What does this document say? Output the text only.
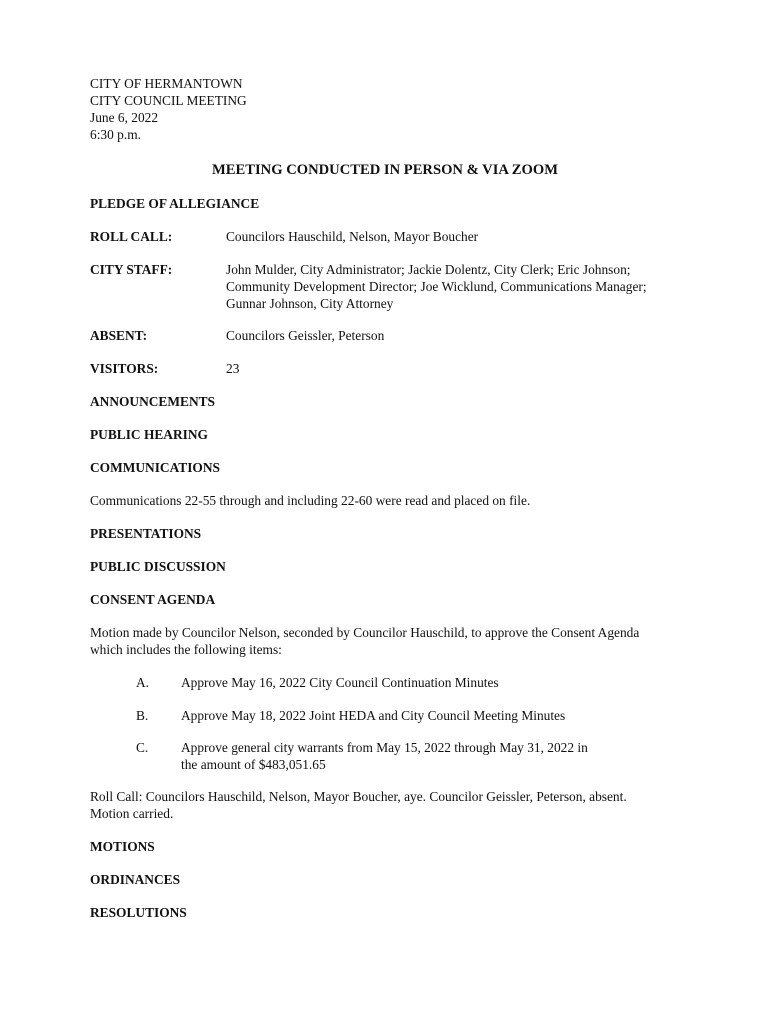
CITY OF HERMANTOWN
CITY COUNCIL MEETING
June 6, 2022
6:30 p.m.
MEETING CONDUCTED IN PERSON & VIA ZOOM
PLEDGE OF ALLEGIANCE
ROLL CALL:	Councilors Hauschild, Nelson, Mayor Boucher
CITY STAFF:	John Mulder, City Administrator; Jackie Dolentz, City Clerk; Eric Johnson;
Community Development Director; Joe Wicklund, Communications Manager;
Gunnar Johnson, City Attorney
ABSENT:	Councilors Geissler, Peterson
VISITORS:	23
ANNOUNCEMENTS
PUBLIC HEARING
COMMUNICATIONS
Communications 22-55 through and including 22-60 were read and placed on file.
PRESENTATIONS
PUBLIC DISCUSSION
CONSENT AGENDA
Motion made by Councilor Nelson, seconded by Councilor Hauschild, to approve the Consent Agenda
which includes the following items:
A.	Approve May 16, 2022 City Council Continuation Minutes
B.	Approve May 18, 2022 Joint HEDA and City Council Meeting Minutes
C.	Approve general city warrants from May 15, 2022 through May 31, 2022 in
the amount of $483,051.65
Roll Call: Councilors Hauschild, Nelson, Mayor Boucher, aye. Councilor Geissler, Peterson, absent.
Motion carried.
MOTIONS
ORDINANCES
RESOLUTIONS
